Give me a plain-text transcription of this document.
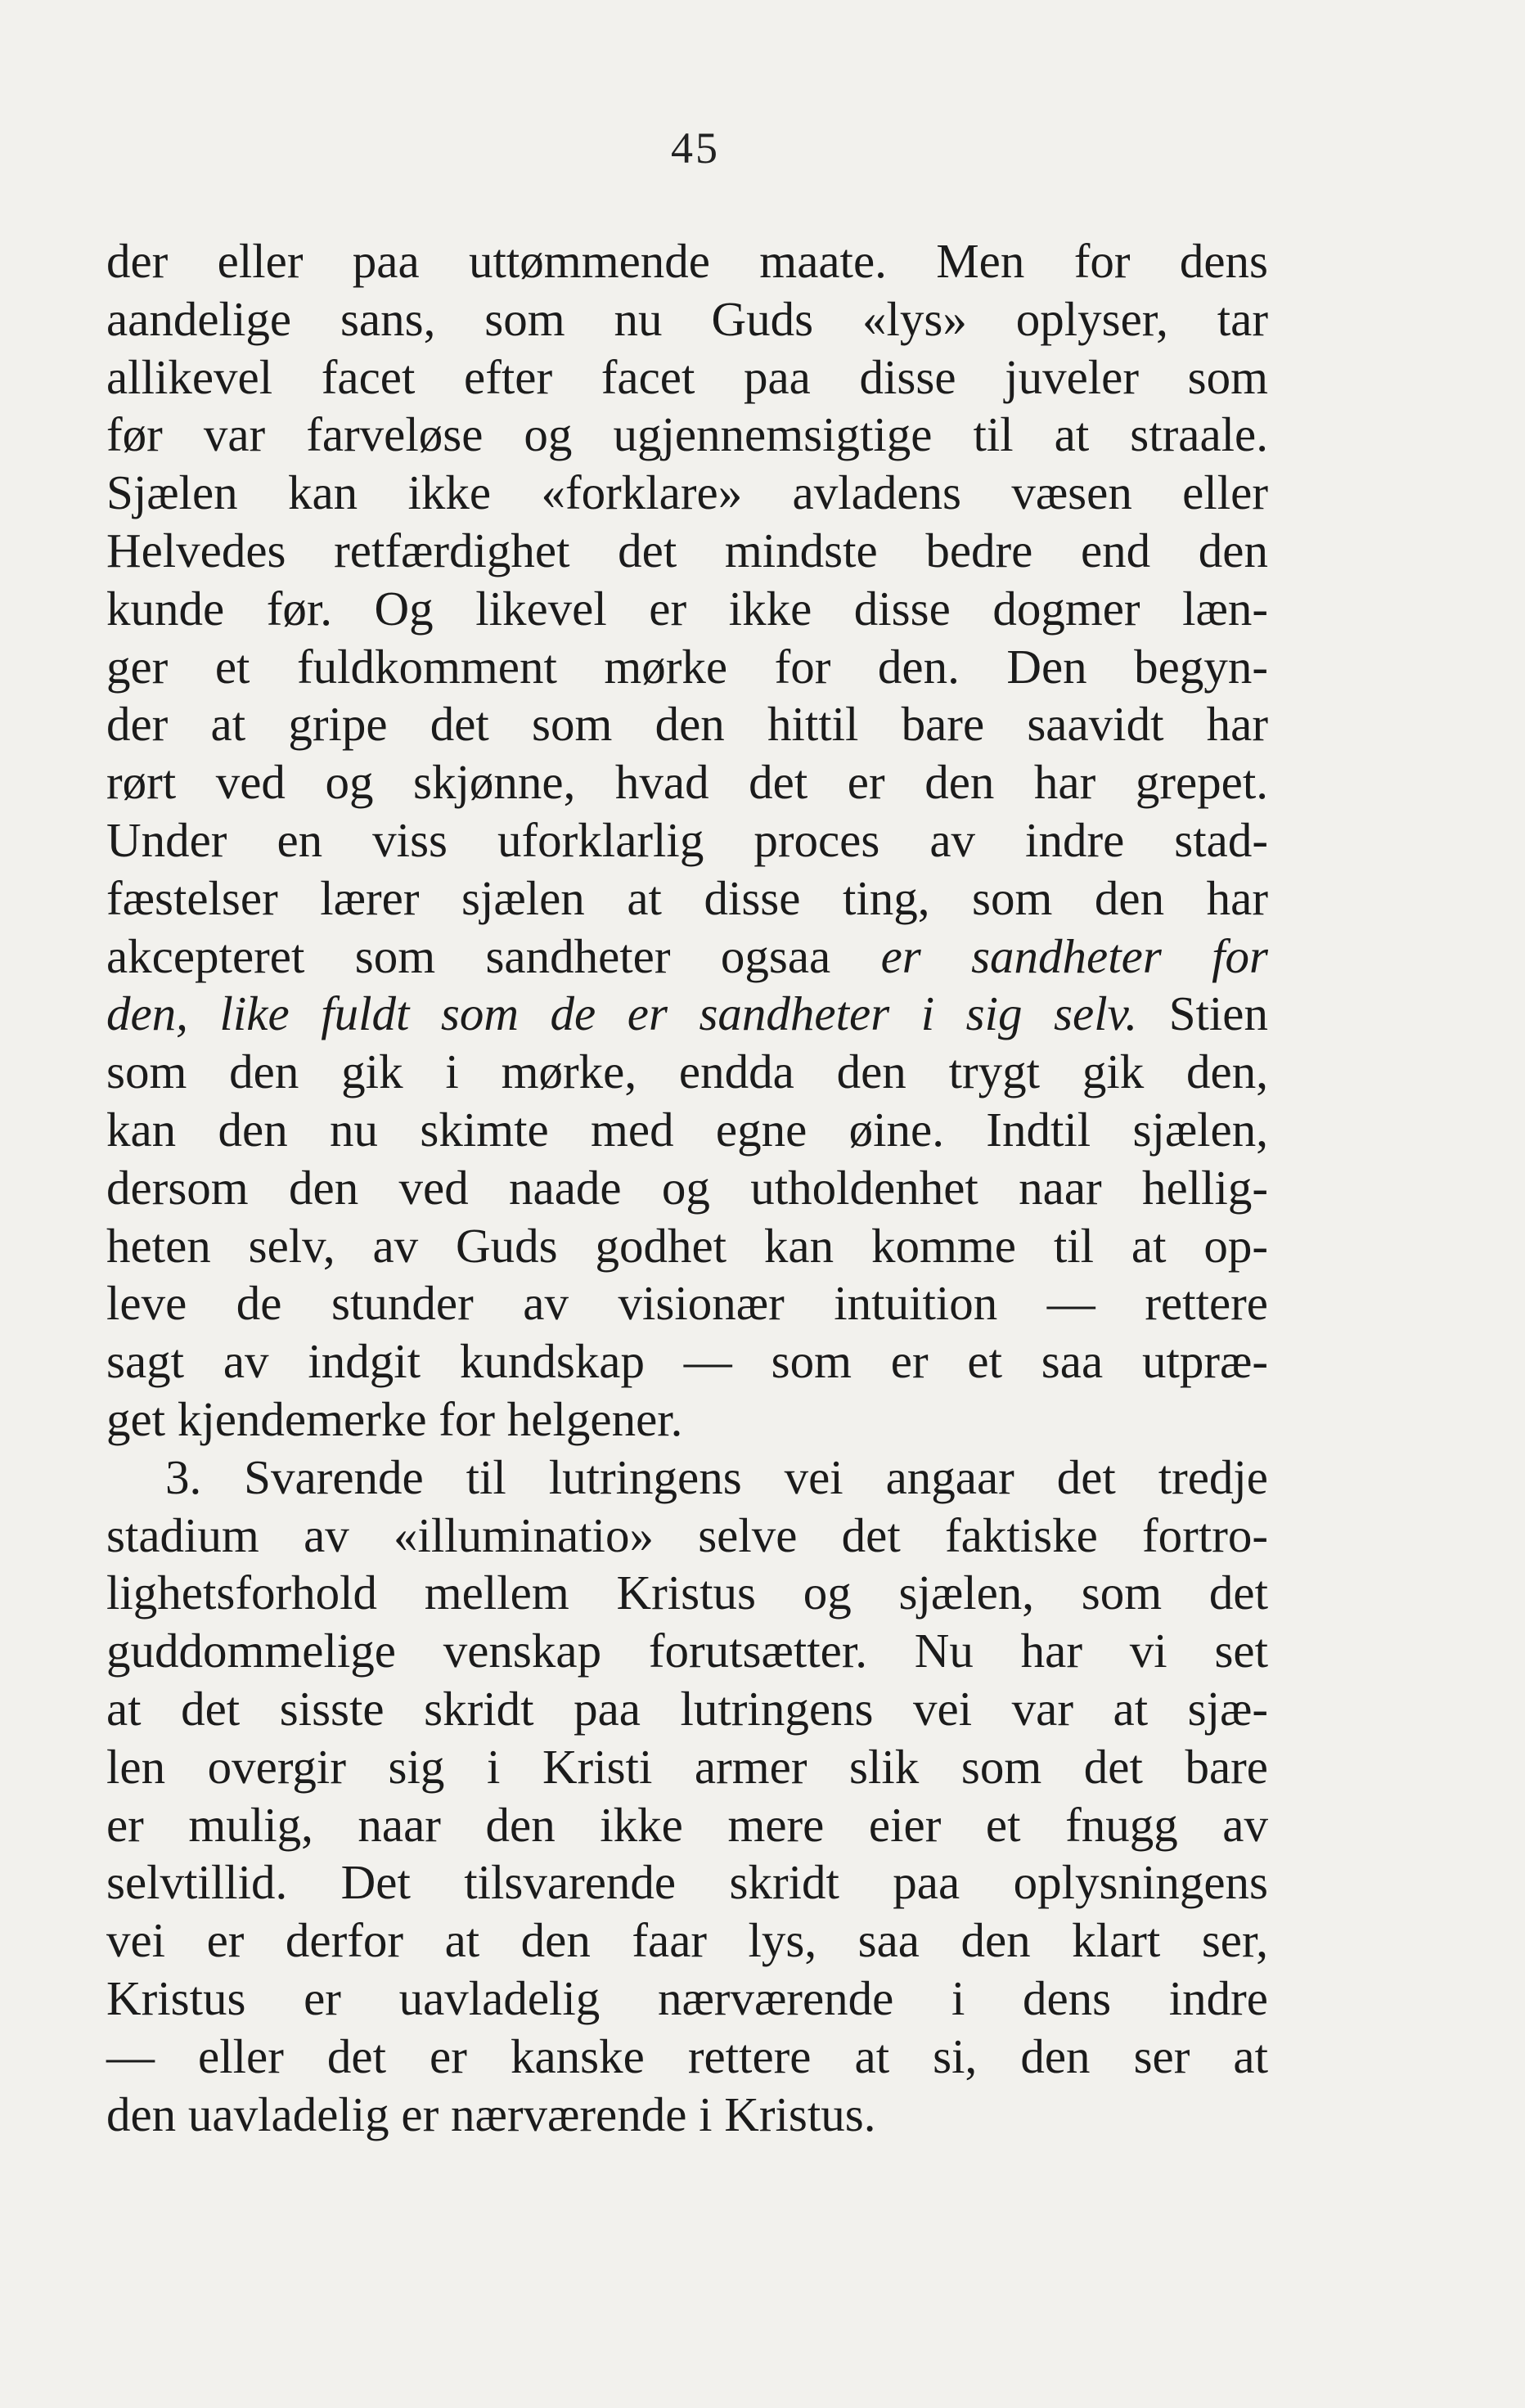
45
der eller paa uttømmende maate. Men for dens
aandelige sans, som nu Guds «lys» oplyser, tar
allikevel facet efter facet paa disse juveler som
før var farveløse og ugjennemsigtige til at straale.
Sjælen kan ikke «forklare» avladens væsen eller
Helvedes retfærdighet det mindste bedre end den
kunde før. Og likevel er ikke disse dogmer læn-
ger et fuldkomment mørke for den. Den begyn-
der at gripe det som den hittil bare saavidt har
rørt ved og skjønne, hvad det er den har grepet.
Under en viss uforklarlig proces av indre stad-
fæstelser lærer sjælen at disse ting, som den har
akcepteret som sandheter ogsaa er sandheter for
den, like fuldt som de er sandheter i sig selv. Stien
som den gik i mørke, endda den trygt gik den,
kan den nu skimte med egne øine. Indtil sjælen,
dersom den ved naade og utholdenhet naar hellig-
heten selv, av Guds godhet kan komme til at op-
leve de stunder av visionær intuition — rettere
sagt av indgit kundskap — som er et saa utpræ-
get kjendemerke for helgener.
3. Svarende til lutringens vei angaar det tredje
stadium av «illuminatio» selve det faktiske fortro-
lighetsforhold mellem Kristus og sjælen, som det
guddommelige venskap forutsætter. Nu har vi set
at det sisste skridt paa lutringens vei var at sjæ-
len overgir sig i Kristi armer slik som det bare
er mulig, naar den ikke mere eier et fnugg av
selvtillid. Det tilsvarende skridt paa oplysningens
vei er derfor at den faar lys, saa den klart ser,
Kristus er uavladelig nærværende i dens indre
— eller det er kanske rettere at si, den ser at
den uavladelig er nærværende i Kristus.
